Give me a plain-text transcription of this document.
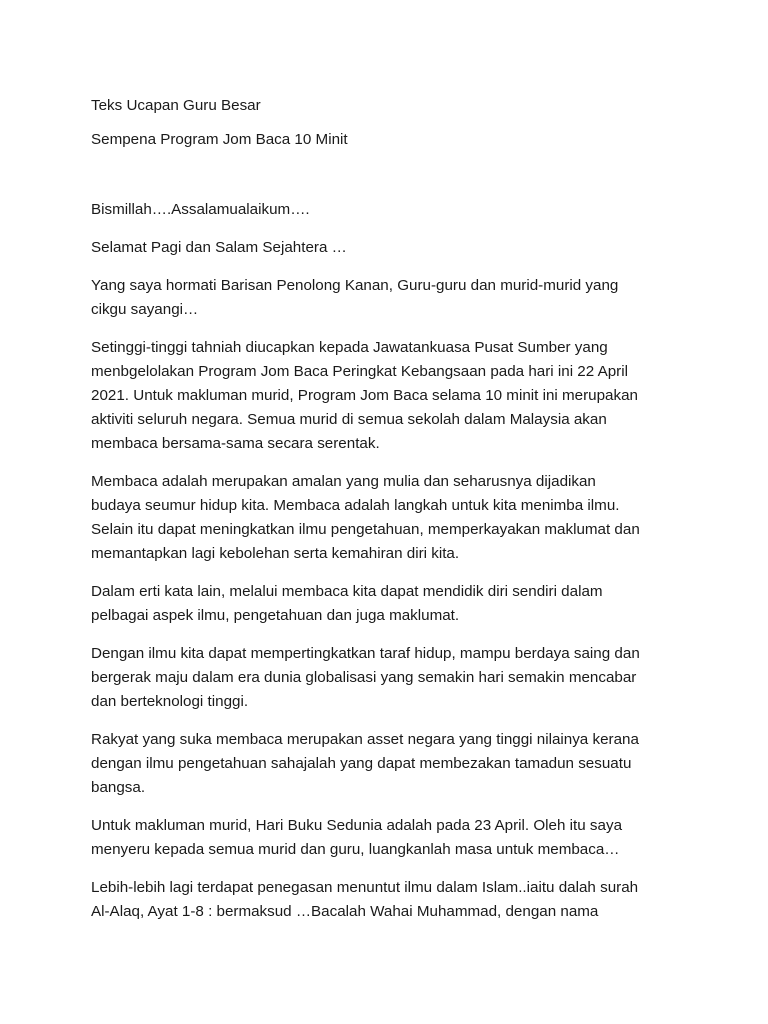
Teks Ucapan Guru Besar

Sempena Program Jom Baca 10 Minit

Bismillah….Assalamualaikum….

Selamat Pagi dan Salam Sejahtera …

Yang saya hormati Barisan Penolong Kanan, Guru-guru dan murid-murid yang

cikgu sayangi…

Setinggi-tinggi tahniah diucapkan kepada Jawatankuasa Pusat Sumber yang

menbgelolakan Program Jom Baca Peringkat Kebangsaan pada hari ini 22 April

2021. Untuk makluman murid, Program Jom Baca selama 10 minit ini merupakan

aktiviti seluruh negara. Semua murid di semua sekolah dalam Malaysia akan

membaca bersama-sama secara serentak.

Membaca adalah merupakan amalan yang mulia dan seharusnya dijadikan

budaya seumur hidup kita. Membaca adalah langkah untuk kita menimba ilmu.

Selain itu dapat meningkatkan ilmu pengetahuan, memperkayakan maklumat dan

memantapkan lagi kebolehan serta kemahiran diri kita.

Dalam erti kata lain, melalui membaca kita dapat mendidik diri sendiri dalam

pelbagai aspek ilmu, pengetahuan dan juga maklumat.

Dengan ilmu kita dapat mempertingkatkan taraf hidup, mampu berdaya saing dan

bergerak maju dalam era dunia globalisasi yang semakin hari semakin mencabar

dan berteknologi tinggi.

Rakyat yang suka membaca merupakan asset negara yang tinggi nilainya kerana

dengan ilmu pengetahuan sahajalah yang dapat membezakan tamadun sesuatu

bangsa.

Untuk makluman murid, Hari Buku Sedunia adalah pada 23 April. Oleh itu saya

menyeru kepada semua murid dan guru, luangkanlah masa untuk membaca…

Lebih-lebih lagi terdapat penegasan menuntut ilmu dalam Islam..iaitu dalah surah

Al-Alaq, Ayat 1-8 : bermaksud …Bacalah Wahai Muhammad, dengan nama
